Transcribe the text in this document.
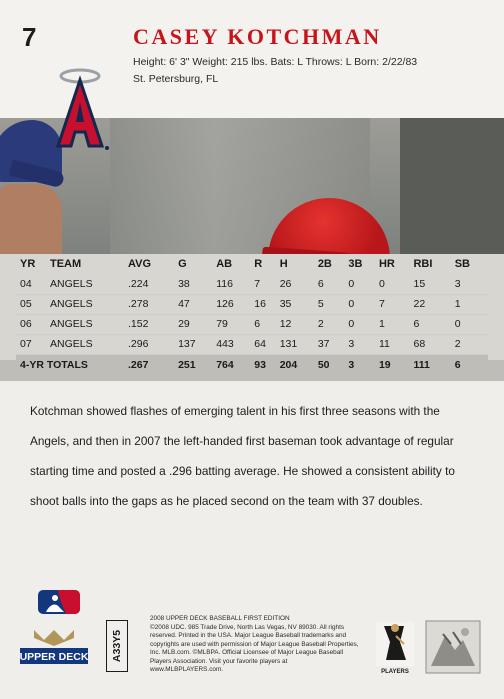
7	CASEY KOTCHMAN
Height: 6' 3" Weight: 215 lbs. Bats: L Throws: L Born: 2/22/83
St. Petersburg, FL
YR	TEAM	AVG	G	AB	R	H	2B	3B	HR	RBI	SB
04	ANGELS	.224	38	116	7	26	6	0	0	15	3
05	ANGELS	.278	47	126	16	35	5	0	7	22	1
06	ANGELS	.152	29	79	6	12	2	0	1	6	0
07	ANGELS	.296	137	443	64	131	37	3	11	68	2
4-YR TOTALS		.267	251	764	93	204	50	3	19	111	6
Kotchman showed flashes of emerging talent in his first three seasons with the Angels, and then in 2007 the left-handed first baseman took advantage of regular starting time and posted a .296 batting average. He showed a consistent ability to shoot balls into the gaps as he placed second on the team with 37 doubles.
UPPER DECK	A33Y5
2008 UPPER DECK BASEBALL FIRST EDITION
©2008 UDC. 985 Trade Drive, North Las Vegas, NV 89030. All rights reserved. Printed in the USA. Major League Baseball trademarks and copyrights are used with permission of Major League Baseball Properties, Inc. MLB.com. ©MLBPA. Official Licensee of Major League Baseball Players Association. Visit your favorite players at www.MLBPLAYERS.com.	PLAYERS
